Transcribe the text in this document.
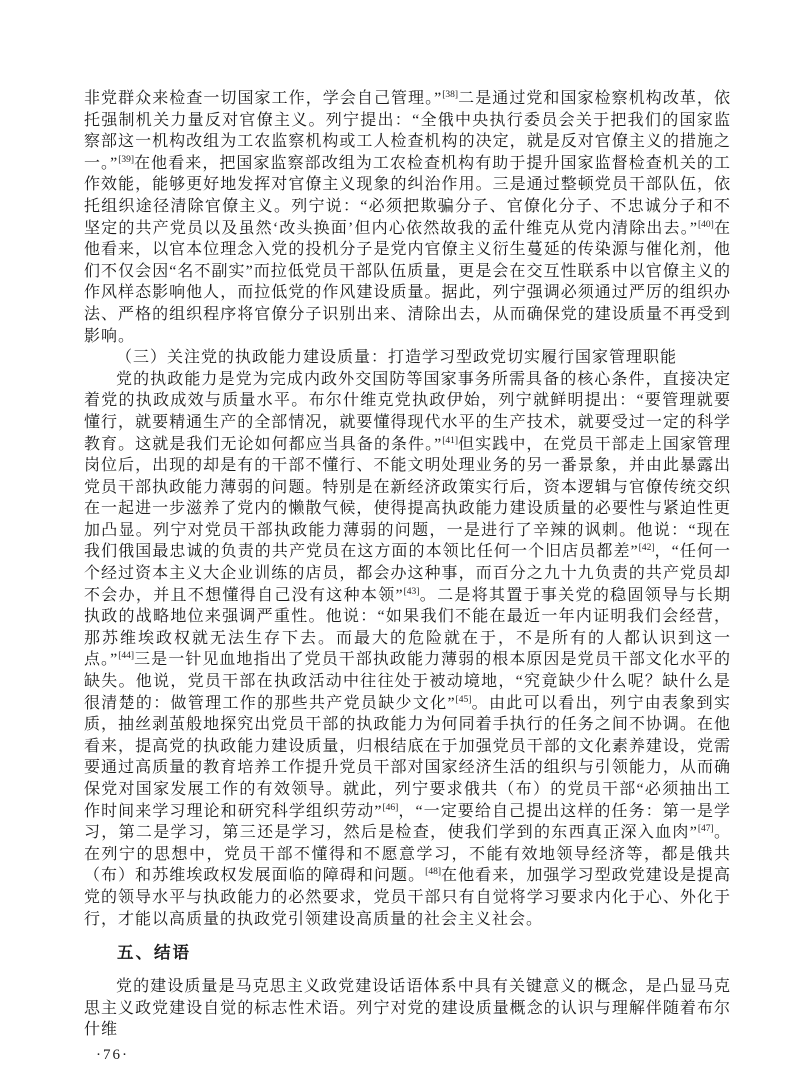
非党群众来检查一切国家工作，学会自己管理。”[38]二是通过党和国家检察机构改革，依托强制机关力量反对官僚主义。列宁提出：“全俄中央执行委员会关于把我们的国家监察部这一机构改组为工农监察机构或工人检查机构的决定，就是反对官僚主义的措施之一。”[39]在他看来，把国家监察部改组为工农检查机构有助于提升国家监督检查机关的工作效能，能够更好地发挥对官僚主义现象的纠治作用。三是通过整顿党员干部队伍，依托组织途径清除官僚主义。列宁说：“必须把欺骗分子、官僚化分子、不忠诚分子和不坚定的共产党员以及虽然‘改头换面’但内心依然故我的孟什维克从党内清除出去。”[40]在他看来，以官本位理念入党的投机分子是党内官僚主义衍生蔓延的传染源与催化剂，他们不仅会因“名不副实”而拉低党员干部队伍质量，更是会在交互性联系中以官僚主义的作风样态影响他人，而拉低党的作风建设质量。据此，列宁强调必须通过严厉的组织办法、严格的组织程序将官僚分子识别出来、清除出去，从而确保党的建设质量不再受到影响。

（三）关注党的执政能力建设质量：打造学习型政党切实履行国家管理职能

党的执政能力是党为完成内政外交国防等国家事务所需具备的核心条件，直接决定着党的执政成效与质量水平。布尔什维克党执政伊始，列宁就鲜明提出：“要管理就要懂行，就要精通生产的全部情况，就要懂得现代水平的生产技术，就要受过一定的科学教育。这就是我们无论如何都应当具备的条件。”[41]但实践中，在党员干部走上国家管理岗位后，出现的却是有的干部不懂行、不能文明处理业务的另一番景象，并由此暴露出党员干部执政能力薄弱的问题。特别是在新经济政策实行后，资本逻辑与官僚传统交织在一起进一步滋养了党内的懒散气候，使得提高执政能力建设质量的必要性与紧迫性更加凸显。列宁对党员干部执政能力薄弱的问题，一是进行了辛辣的讽刺。他说：“现在我们俄国最忠诚的负责的共产党员在这方面的本领比任何一个旧店员都差”[42]，“任何一个经过资本主义大企业训练的店员，都会办这种事，而百分之九十九负责的共产党员却不会办，并且不想懂得自己没有这种本领”[43]。二是将其置于事关党的稳固领导与长期执政的战略地位来强调严重性。他说：“如果我们不能在最近一年内证明我们会经营，那苏维埃政权就无法生存下去。而最大的危险就在于，不是所有的人都认识到这一点。”[44]三是一针见血地指出了党员干部执政能力薄弱的根本原因是党员干部文化水平的缺失。他说，党员干部在执政活动中往往处于被动境地，“究竟缺少什么呢？缺什么是很清楚的：做管理工作的那些共产党员缺少文化”[45]。由此可以看出，列宁由表象到实质，抽丝剥茧般地探究出党员干部的执政能力为何同着手执行的任务之间不协调。在他看来，提高党的执政能力建设质量，归根结底在于加强党员干部的文化素养建设，党需要通过高质量的教育培养工作提升党员干部对国家经济生活的组织与引领能力，从而确保党对国家发展工作的有效领导。就此，列宁要求俄共（布）的党员干部“必须抽出工作时间来学习理论和研究科学组织劳动”[46]，“一定要给自己提出这样的任务：第一是学习，第二是学习，第三还是学习，然后是检查，使我们学到的东西真正深入血肉”[47]。在列宁的思想中，党员干部不懂得和不愿意学习，不能有效地领导经济等，都是俄共（布）和苏维埃政权发展面临的障碍和问题。[48]在他看来，加强学习型政党建设是提高党的领导水平与执政能力的必然要求，党员干部只有自觉将学习要求内化于心、外化于行，才能以高质量的执政党引领建设高质量的社会主义社会。

五、结语

党的建设质量是马克思主义政党建设话语体系中具有关键意义的概念，是凸显马克思主义政党建设自觉的标志性术语。列宁对党的建设质量概念的认识与理解伴随着布尔什维

·76·
